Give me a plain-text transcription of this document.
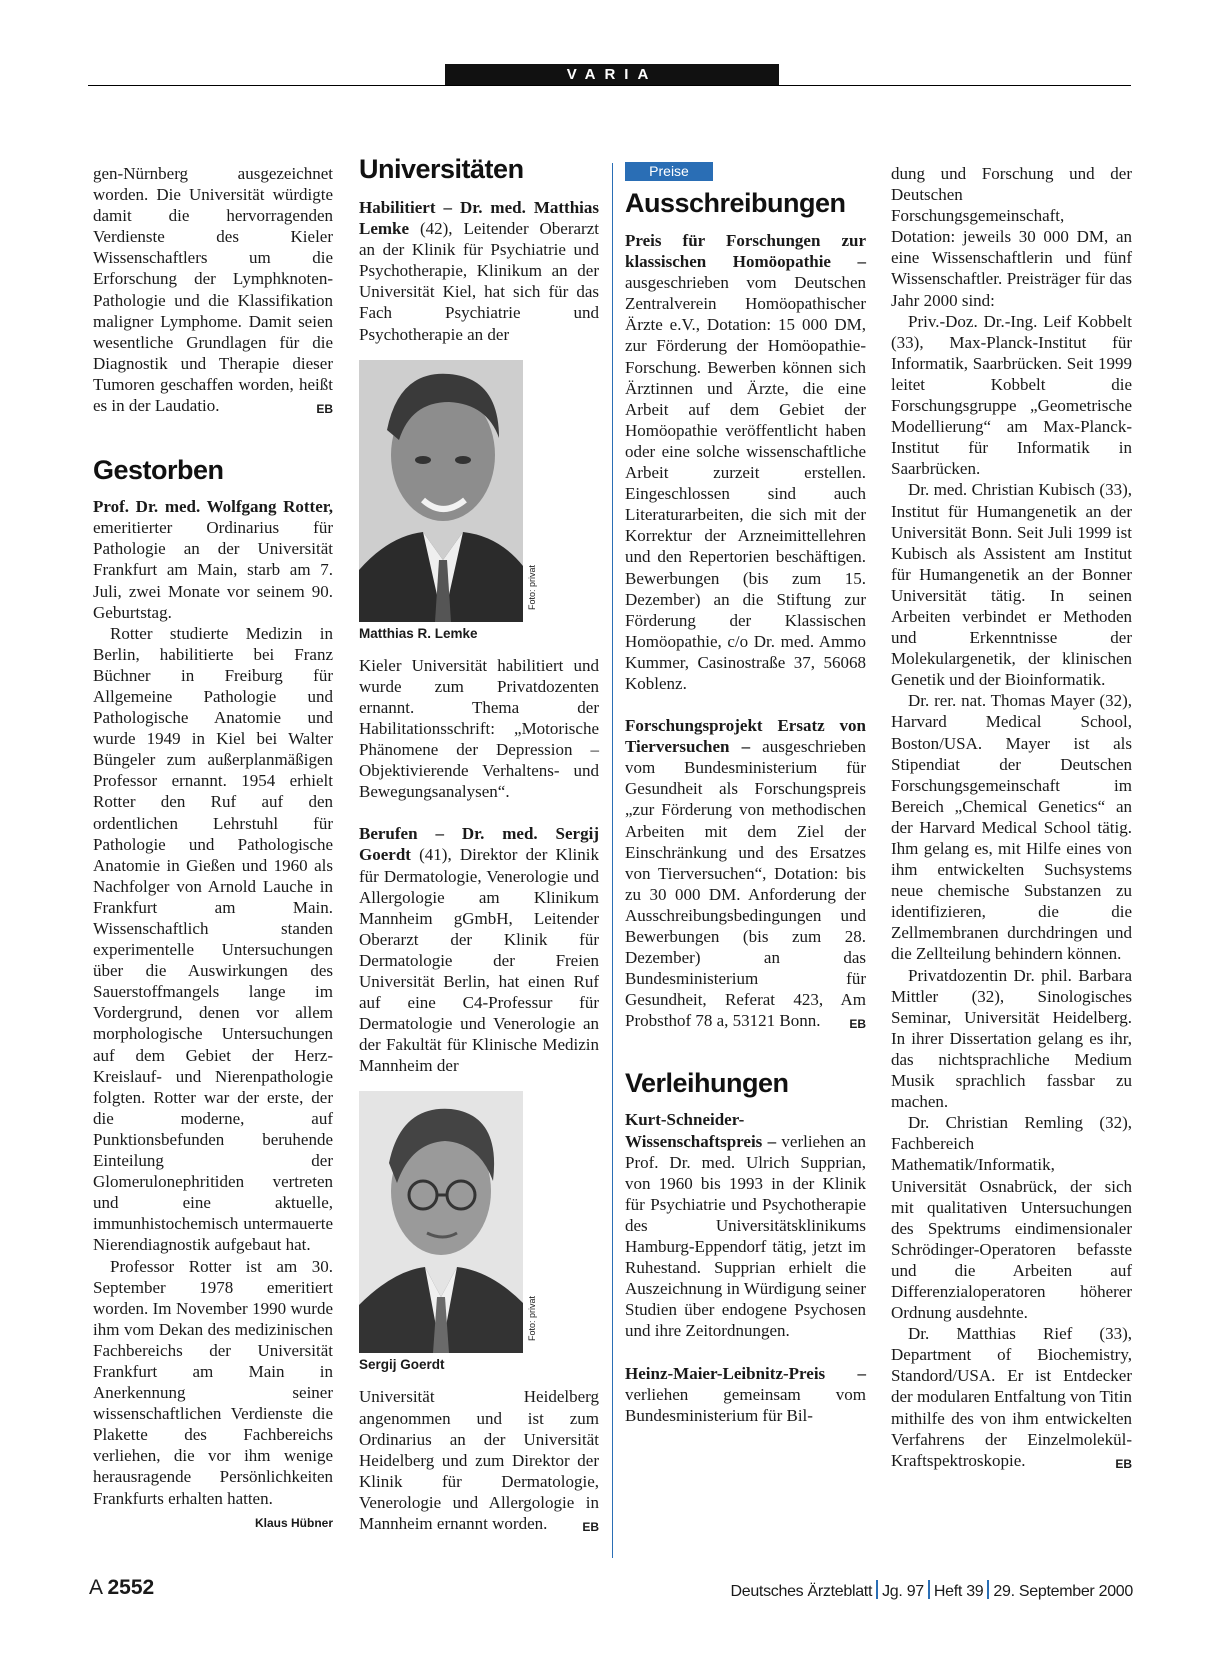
VARIA

gen-Nürnberg ausgezeichnet worden. Die Universität würdigte damit die hervorragenden Verdienste des Kieler Wissenschaftlers um die Erforschung der Lymphknoten-Pathologie und die Klassifikation maligner Lymphome. Damit seien wesentliche Grundlagen für die Diagnostik und Therapie dieser Tumoren geschaffen worden, heißt es in der Laudatio.	EB

Gestorben

Prof. Dr. med. Wolfgang Rotter, emeritierter Ordinarius für Pathologie an der Universität Frankfurt am Main, starb am 7. Juli, zwei Monate vor seinem 90. Geburtstag.

Rotter studierte Medizin in Berlin, habilitierte bei Franz Büchner in Freiburg für Allgemeine Pathologie und Pathologische Anatomie und wurde 1949 in Kiel bei Walter Büngeler zum außerplanmäßigen Professor ernannt. 1954 erhielt Rotter den Ruf auf den ordentlichen Lehrstuhl für Pathologie und Pathologische Anatomie in Gießen und 1960 als Nachfolger von Arnold Lauche in Frankfurt am Main. Wissenschaftlich standen experimentelle Untersuchungen über die Auswirkungen des Sauerstoffmangels lange im Vordergrund, denen vor allem morphologische Untersuchungen auf dem Gebiet der Herz-Kreislauf- und Nierenpathologie folgten. Rotter war der erste, der die moderne, auf Punktionsbefunden beruhende Einteilung der Glomerulonephritiden vertreten und eine aktuelle, immunhistochemisch untermauerte Nierendiagnostik aufgebaut hat.

Professor Rotter ist am 30. September 1978 emeritiert worden. Im November 1990 wurde ihm vom Dekan des medizinischen Fachbereichs der Universität Frankfurt am Main in Anerkennung seiner wissenschaftlichen Verdienste die Plakette des Fachbereichs verliehen, die vor ihm wenige herausragende Persönlichkeiten Frankfurts erhalten hatten.
Klaus Hübner

Universitäten

Habilitiert – Dr. med. Matthias Lemke (42), Leitender Oberarzt an der Klinik für Psychiatrie und Psychotherapie, Klinikum an der Universität Kiel, hat sich für das Fach Psychiatrie und Psychotherapie an der

Foto: privat
Matthias R. Lemke

Kieler Universität habilitiert und wurde zum Privatdozenten ernannt. Thema der Habilitationsschrift: „Motorische Phänomene der Depression – Objektivierende Verhaltens- und Bewegungsanalysen“.

Berufen – Dr. med. Sergij Goerdt (41), Direktor der Klinik für Dermatologie, Venerologie und Allergologie am Klinikum Mannheim gGmbH, Leitender Oberarzt der Klinik für Dermatologie der Freien Universität Berlin, hat einen Ruf auf eine C4-Professur für Dermatologie und Venerologie an der Fakultät für Klinische Medizin Mannheim der

Foto: privat
Sergij Goerdt

Universität Heidelberg angenommen und ist zum Ordinarius an der Universität Heidelberg und zum Direktor der Klinik für Dermatologie, Venerologie und Allergologie in Mannheim ernannt worden.	EB

Preise
Ausschreibungen

Preis für Forschungen zur klassischen Homöopathie – ausgeschrieben vom Deutschen Zentralverein Homöopathischer Ärzte e.V., Dotation: 15 000 DM, zur Förderung der Homöopathie-Forschung. Bewerben können sich Ärztinnen und Ärzte, die eine Arbeit auf dem Gebiet der Homöopathie veröffentlicht haben oder eine solche wissenschaftliche Arbeit zurzeit erstellen. Eingeschlossen sind auch Literaturarbeiten, die sich mit der Korrektur der Arzneimittellehren und den Repertorien beschäftigen. Bewerbungen (bis zum 15. Dezember) an die Stiftung zur Förderung der Klassischen Homöopathie, c/o Dr. med. Ammo Kummer, Casinostraße 37, 56068 Koblenz.

Forschungsprojekt Ersatz von Tierversuchen – ausgeschrieben vom Bundesministerium für Gesundheit als Forschungspreis „zur Förderung von methodischen Arbeiten mit dem Ziel der Einschränkung und des Ersatzes von Tierversuchen“, Dotation: bis zu 30 000 DM. Anforderung der Ausschreibungsbedingungen und Bewerbungen (bis zum 28. Dezember) an das Bundesministerium für Gesundheit, Referat 423, Am Probsthof 78 a, 53121 Bonn. EB

Verleihungen

Kurt-Schneider-Wissenschaftspreis – verliehen an Prof. Dr. med. Ulrich Supprian, von 1960 bis 1993 in der Klinik für Psychiatrie und Psychotherapie des Universitätsklinikums Hamburg-Eppendorf tätig, jetzt im Ruhestand. Supprian erhielt die Auszeichnung in Würdigung seiner Studien über endogene Psychosen und ihre Zeitordnungen.

Heinz-Maier-Leibnitz-Preis – verliehen gemeinsam vom Bundesministerium für Bil-

dung und Forschung und der Deutschen Forschungsgemeinschaft, Dotation: jeweils 30 000 DM, an eine Wissenschaftlerin und fünf Wissenschaftler. Preisträger für das Jahr 2000 sind:

Priv.-Doz. Dr.-Ing. Leif Kobbelt (33), Max-Planck-Institut für Informatik, Saarbrücken. Seit 1999 leitet Kobbelt die Forschungsgruppe „Geometrische Modellierung“ am Max-Planck-Institut für Informatik in Saarbrücken.

Dr. med. Christian Kubisch (33), Institut für Humangenetik an der Universität Bonn. Seit Juli 1999 ist Kubisch als Assistent am Institut für Humangenetik an der Bonner Universität tätig. In seinen Arbeiten verbindet er Methoden und Erkenntnisse der Molekulargenetik, der klinischen Genetik und der Bioinformatik.

Dr. rer. nat. Thomas Mayer (32), Harvard Medical School, Boston/USA. Mayer ist als Stipendiat der Deutschen Forschungsgemeinschaft im Bereich „Chemical Genetics“ an der Harvard Medical School tätig. Ihm gelang es, mit Hilfe eines von ihm entwickelten Suchsystems neue chemische Substanzen zu identifizieren, die die Zellmembranen durchdringen und die Zellteilung behindern können.

Privatdozentin Dr. phil. Barbara Mittler (32), Sinologisches Seminar, Universität Heidelberg. In ihrer Dissertation gelang es ihr, das nichtsprachliche Medium Musik sprachlich fassbar zu machen.

Dr. Christian Remling (32), Fachbereich Mathematik/Informatik, Universität Osnabrück, der sich mit qualitativen Untersuchungen des Spektrums eindimensionaler Schrödinger-Operatoren befasste und die Arbeiten auf Differenzialoperatoren höherer Ordnung ausdehnte.

Dr. Matthias Rief (33), Department of Biochemistry, Standord/USA. Er ist Entdecker der modularen Entfaltung von Titin mithilfe des von ihm entwickelten Verfahrens der Einzelmolekül-Kraftspektroskopie.	EB

A 2552	Deutsches Ärzteblatt Jg. 97 Heft 39 29. September 2000
